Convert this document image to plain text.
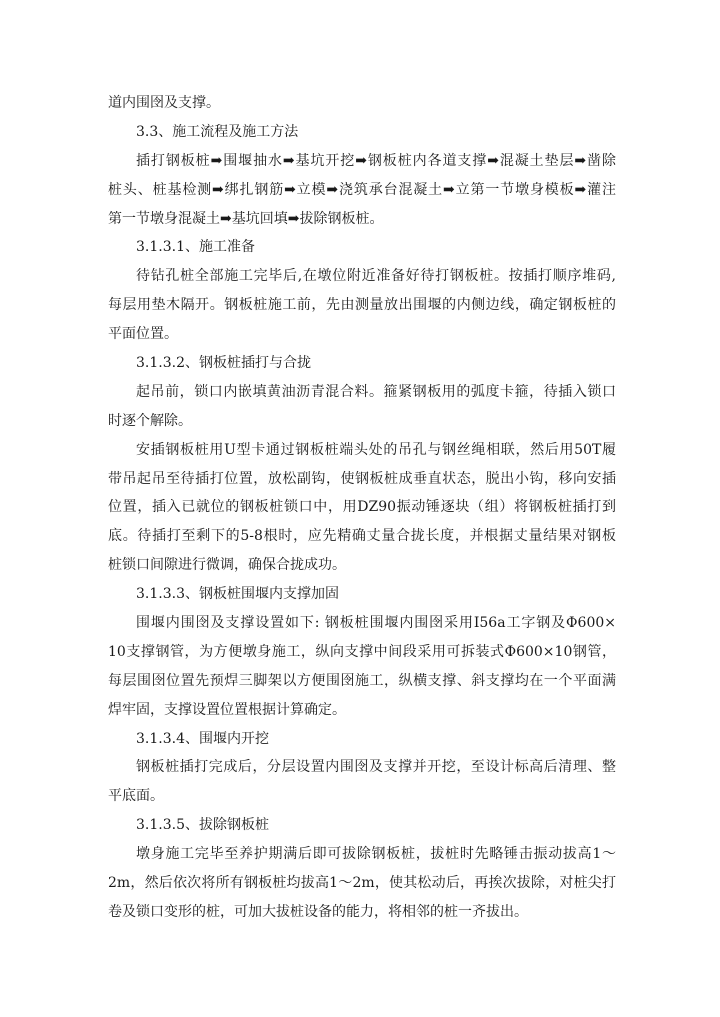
道内围囹及支撑。
3.3、施工流程及施工方法
插打钢板桩➡围堰抽水➡基坑开挖➡钢板桩内各道支撑➡混凝土垫层➡凿除
桩头、桩基检测➡绑扎钢筋➡立模➡浇筑承台混凝土➡立第一节墩身模板➡灌注
第一节墩身混凝土➡基坑回填➡拔除钢板桩。
3.1.3.1、施工准备
待钻孔桩全部施工完毕后,在墩位附近准备好待打钢板桩。按插打顺序堆码,
每层用垫木隔开。钢板桩施工前，先由测量放出围堰的内侧边线，确定钢板桩的
平面位置。
3.1.3.2、钢板桩插打与合拢
起吊前，锁口内嵌填黄油沥青混合料。箍紧钢板用的弧度卡箍，待插入锁口
时逐个解除。
安插钢板桩用U型卡通过钢板桩端头处的吊孔与钢丝绳相联，然后用50T履
带吊起吊至待插打位置，放松副钩，使钢板桩成垂直状态，脱出小钩，移向安插
位置，插入已就位的钢板桩锁口中，用DZ90振动锤逐块（组）将钢板桩插打到
底。待插打至剩下的5-8根时，应先精确丈量合拢长度，并根据丈量结果对钢板
桩锁口间隙进行微调，确保合拢成功。
3.1.3.3、钢板桩围堰内支撑加固
围堰内围囹及支撑设置如下: 钢板桩围堰内围囹采用I56a工字钢及Φ600×
10支撑钢管，为方便墩身施工，纵向支撑中间段采用可拆装式Φ600×10钢管，
每层围囹位置先预焊三脚架以方便围囹施工，纵横支撑、斜支撑均在一个平面满
焊牢固，支撑设置位置根据计算确定。
3.1.3.4、围堰内开挖
钢板桩插打完成后，分层设置内围囹及支撑并开挖，至设计标高后清理、整
平底面。
3.1.3.5、拔除钢板桩
墩身施工完毕至养护期满后即可拔除钢板桩，拔桩时先略锤击振动拔高1～
2m，然后依次将所有钢板桩均拔高1～2m，使其松动后，再挨次拔除，对桩尖打
卷及锁口变形的桩，可加大拔桩设备的能力，将相邻的桩一齐拔出。
